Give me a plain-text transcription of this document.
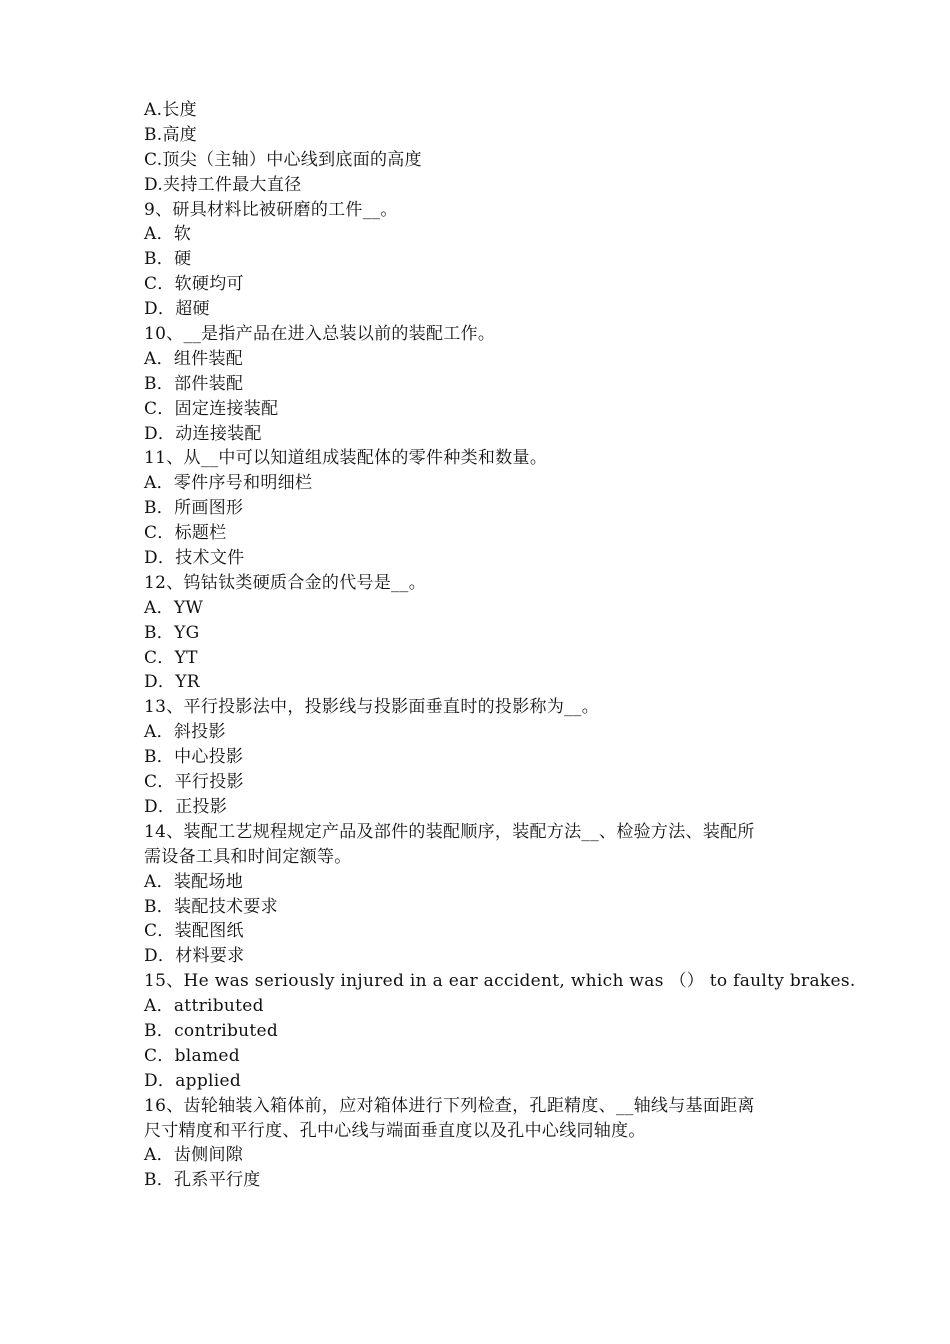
A.长度
B.高度
C.顶尖（主轴）中心线到底面的高度
D.夹持工件最大直径
9、研具材料比被研磨的工件__。
A．软
B．硬
C．软硬均可
D．超硬
10、__是指产品在进入总装以前的装配工作。
A．组件装配
B．部件装配
C．固定连接装配
D．动连接装配
11、从__中可以知道组成装配体的零件种类和数量。
A．零件序号和明细栏
B．所画图形
C．标题栏
D．技术文件
12、钨钴钛类硬质合金的代号是__。
A．YW
B．YG
C．YT
D．YR
13、平行投影法中，投影线与投影面垂直时的投影称为__。
A．斜投影
B．中心投影
C．平行投影
D．正投影
14、装配工艺规程规定产品及部件的装配顺序，装配方法__、检验方法、装配所
需设备工具和时间定额等。
A．装配场地
B．装配技术要求
C．装配图纸
D．材料要求
15、He was seriously injured in a ear accident, which was （） to faulty brakes.
A．attributed
B．contributed
C．blamed
D．applied
16、齿轮轴装入箱体前，应对箱体进行下列检查，孔距精度、__轴线与基面距离
尺寸精度和平行度、孔中心线与端面垂直度以及孔中心线同轴度。
A．齿侧间隙
B．孔系平行度
